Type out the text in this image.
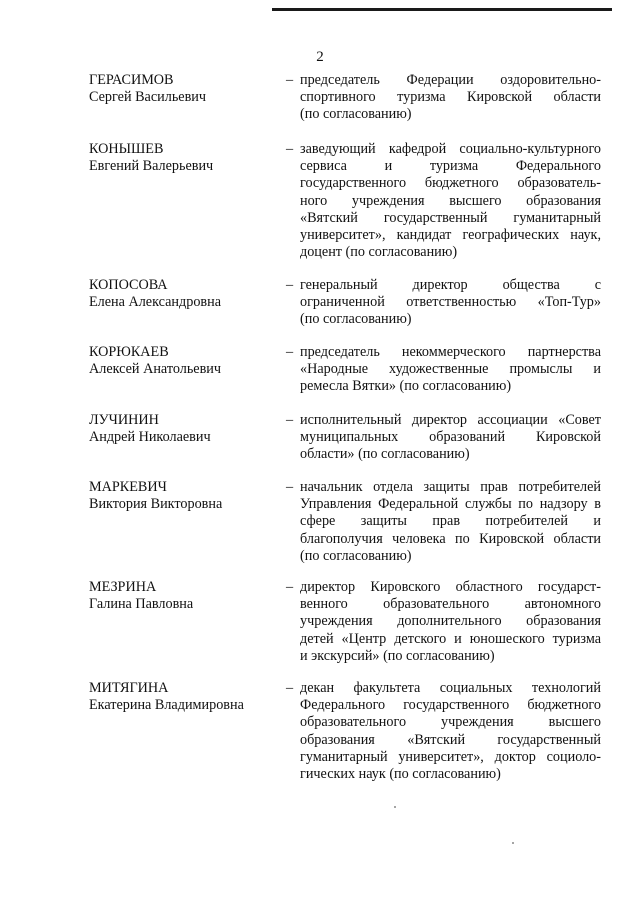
2
ГЕРАСИМОВ
Сергей Васильевич
– председатель Федерации оздоровительно-
спортивного туризма Кировской области
(по согласованию)
КОНЫШЕВ
Евгений Валерьевич
– заведующий кафедрой социально-культурного
сервиса и туризма Федерального
государственного бюджетного образователь-
ного учреждения высшего образования
«Вятский государственный гуманитарный
университет», кандидат географических наук,
доцент (по согласованию)
КОПОСОВА
Елена Александровна
– генеральный директор общества с
ограниченной ответственностью «Топ-Тур»
(по согласованию)
КОРЮКАЕВ
Алексей Анатольевич
– председатель некоммерческого партнерства
«Народные художественные промыслы и
ремесла Вятки» (по согласованию)
ЛУЧИНИН
Андрей Николаевич
– исполнительный директор ассоциации «Совет
муниципальных образований Кировской
области» (по согласованию)
МАРКЕВИЧ
Виктория Викторовна
– начальник отдела защиты прав потребителей
Управления Федеральной службы по надзору в
сфере защиты прав потребителей и
благополучия человека по Кировской области
(по согласованию)
МЕЗРИНА
Галина Павловна
– директор Кировского областного государст-
венного образовательного автономного
учреждения дополнительного образования
детей «Центр детского и юношеского туризма
и экскурсий» (по согласованию)
МИТЯГИНА
Екатерина Владимировна
– декан факультета социальных технологий
Федерального государственного бюджетного
образовательного учреждения высшего
образования «Вятский государственный
гуманитарный университет», доктор социоло-
гических наук (по согласованию)
